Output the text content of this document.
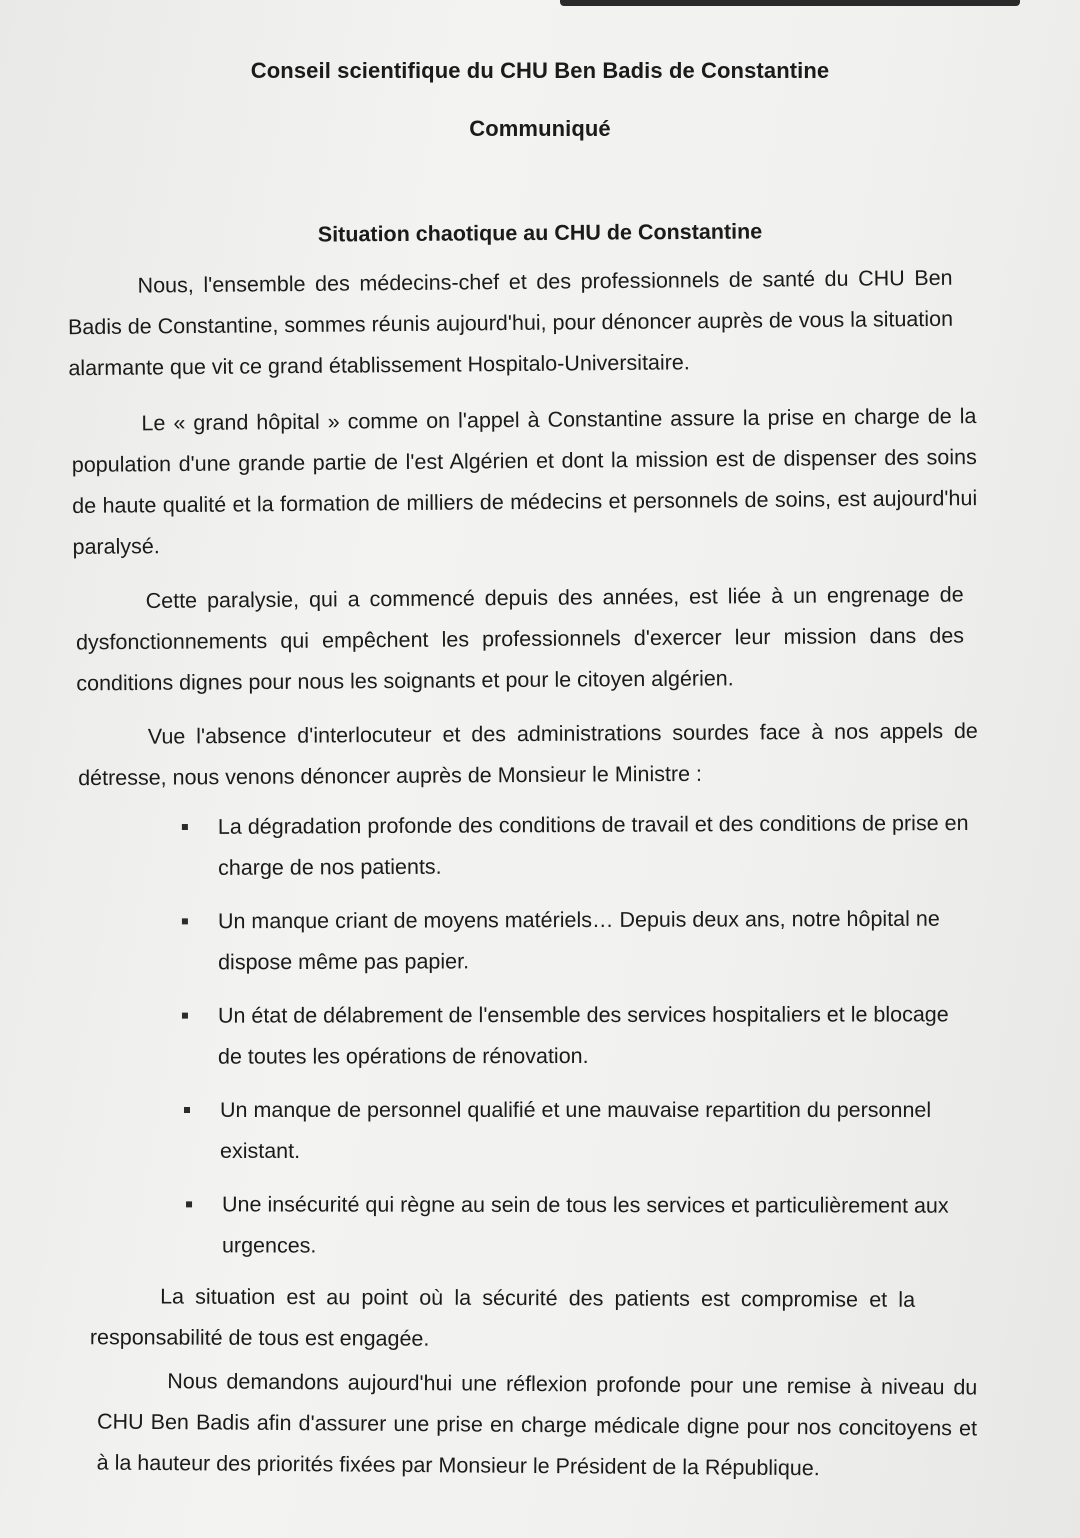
Conseil scientifique du CHU Ben Badis de Constantine
Communiqué
Situation chaotique au CHU de Constantine

Nous, l'ensemble des médecins-chef et des professionnels de santé du CHU Ben Badis de Constantine, sommes réunis aujourd'hui, pour dénoncer auprès de vous la situation alarmante que vit ce grand établissement Hospitalo-Universitaire.

Le « grand hôpital » comme on l'appel à Constantine assure la prise en charge de la population d'une grande partie de l'est Algérien et dont la mission est de dispenser des soins de haute qualité et la formation de milliers de médecins et personnels de soins, est aujourd'hui paralysé.

Cette paralysie, qui a commencé depuis des années, est liée à un engrenage de dysfonctionnements qui empêchent les professionnels d'exercer leur mission dans des conditions dignes pour nous les soignants et pour le citoyen algérien.

Vue l'absence d'interlocuteur et des administrations sourdes face à nos appels de détresse, nous venons dénoncer auprès de Monsieur le Ministre :

La dégradation profonde des conditions de travail et des conditions de prise en charge de nos patients.
Un manque criant de moyens matériels… Depuis deux ans, notre hôpital ne dispose même pas papier.
Un état de délabrement de l'ensemble des services hospitaliers et le blocage de toutes les opérations de rénovation.
Un manque de personnel qualifié et une mauvaise repartition du personnel existant.
Une insécurité qui règne au sein de tous les services et particulièrement aux urgences.

La situation est au point où la sécurité des patients est compromise et la responsabilité de tous est engagée.

Nous demandons aujourd'hui une réflexion profonde pour une remise à niveau du CHU Ben Badis afin d'assurer une prise en charge médicale digne pour nos concitoyens et à la hauteur des priorités fixées par Monsieur le Président de la République.
